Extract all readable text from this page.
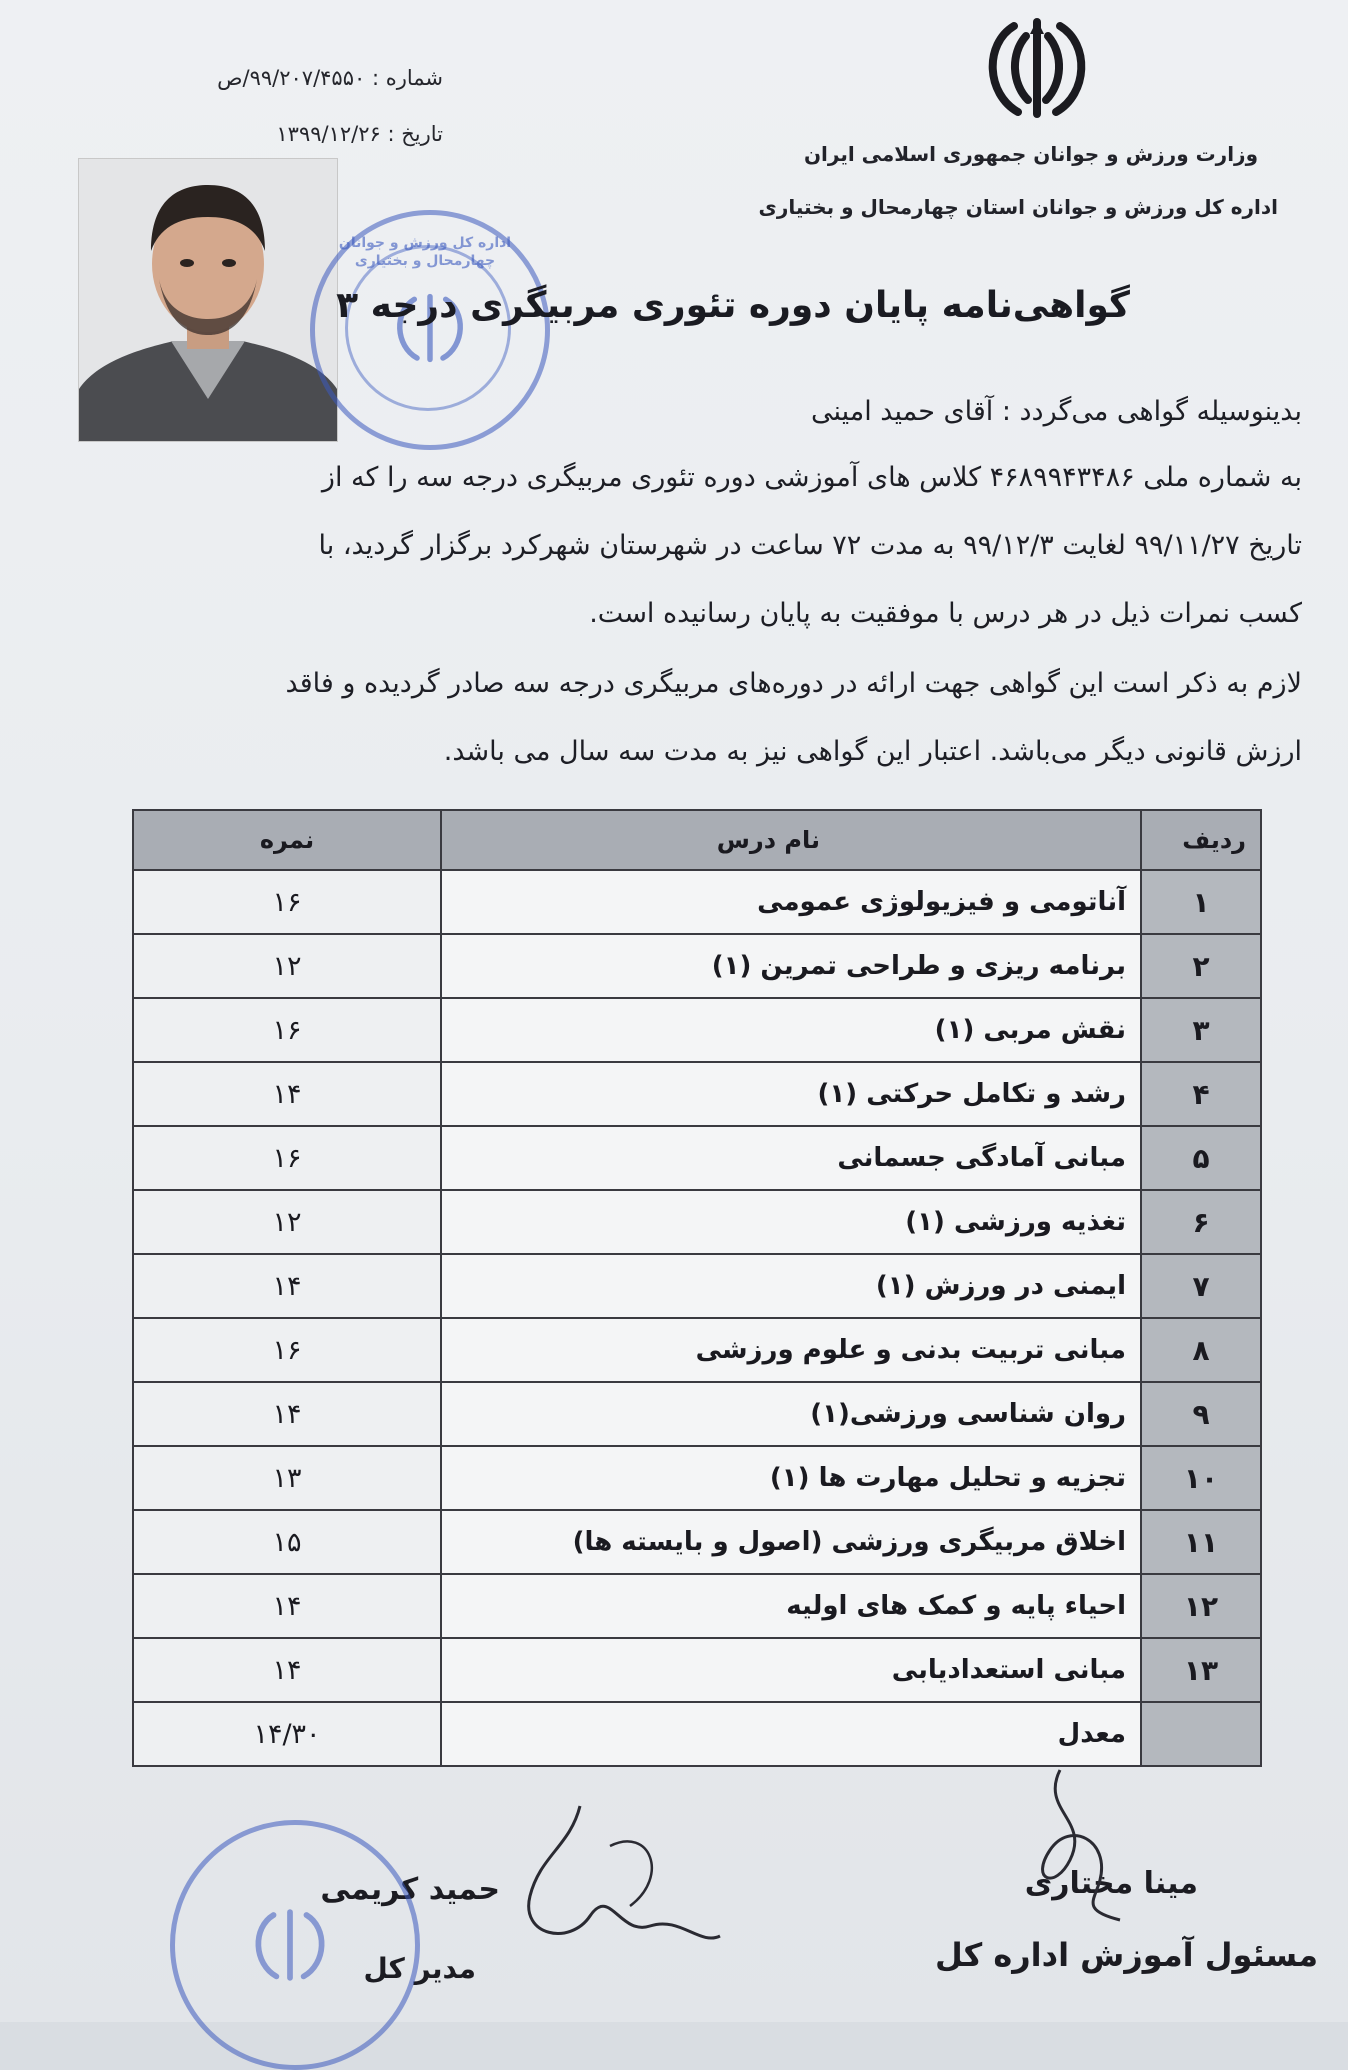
وزارت ورزش و جوانان جمهوری اسلامی ایران
اداره کل ورزش و جوانان استان چهارمحال و بختیاری
شماره : ۹۹/۲۰۷/۴۵۵۰/ص
تاریخ : ۱۳۹۹/۱۲/۲۶
اداره کل ورزش و جوانان چهارمحال و بختیاری
گواهی‌نامه پایان دوره تئوری مربیگری درجه ۳
بدینوسیله گواهی می‌گردد : آقای حمید امینی
به شماره ملی ۴۶۸۹۹۴۳۴۸۶ کلاس های آموزشی دوره تئوری مربیگری درجه سه را که از
تاریخ ۹۹/۱۱/۲۷ لغایت ۹۹/۱۲/۳ به مدت ۷۲ ساعت در شهرستان شهرکرد برگزار گردید، با
کسب نمرات ذیل در هر درس با موفقیت به پایان رسانیده است.
لازم به ذکر است این گواهی جهت ارائه در دوره‌های مربیگری درجه سه صادر گردیده و فاقد
ارزش قانونی دیگر می‌باشد. اعتبار این گواهی نیز به مدت سه سال می باشد.
ردیف	نام درس	نمره
۱	آناتومی و فیزیولوژی عمومی	۱۶
۲	برنامه ریزی و طراحی تمرین (۱)	۱۲
۳	نقش مربی (۱)	۱۶
۴	رشد و تکامل حرکتی (۱)	۱۴
۵	مبانی آمادگی جسمانی	۱۶
۶	تغذیه ورزشی (۱)	۱۲
۷	ایمنی در ورزش (۱)	۱۴
۸	مبانی تربیت بدنی و علوم ورزشی	۱۶
۹	روان شناسی ورزشی(۱)	۱۴
۱۰	تجزیه و تحلیل مهارت ها (۱)	۱۳
۱۱	اخلاق مربیگری ورزشی (اصول و بایسته ها)	۱۵
۱۲	احیاء پایه و کمک های اولیه	۱۴
۱۳	مبانی استعدادیابی	۱۴
	معدل	۱۴/۳۰
مینا مختاری
مسئول آموزش اداره کل
حمید کریمی
مدیر کل
